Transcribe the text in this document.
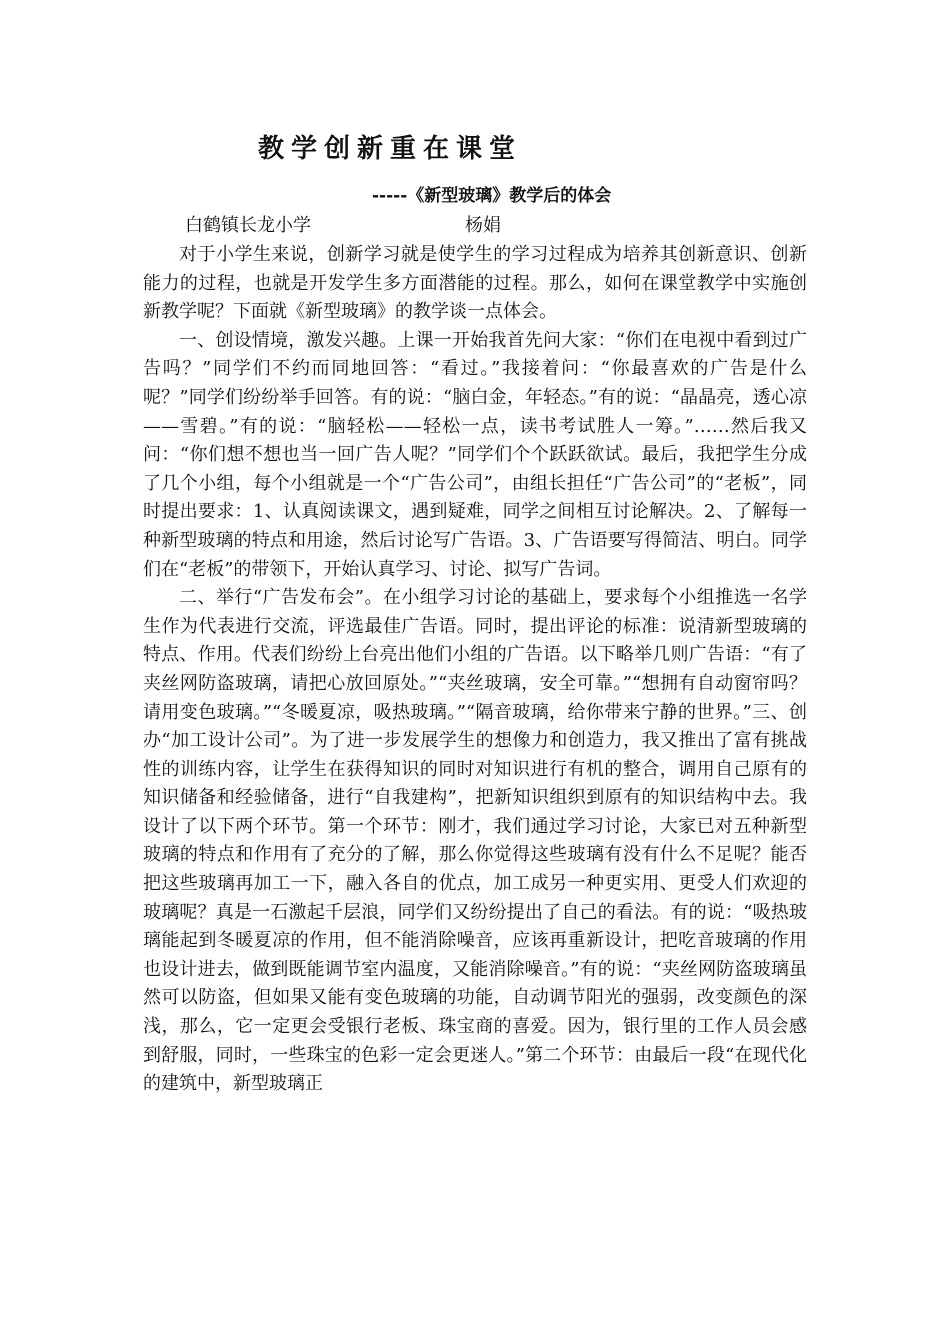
教学创新重在课堂
-----《新型玻璃》教学后的体会
白鹤镇长龙小学	杨娟

对于小学生来说，创新学习就是使学生的学习过程成为培养其创新意识、创新能力的过程，也就是开发学生多方面潜能的过程。那么，如何在课堂教学中实施创新教学呢？下面就《新型玻璃》的教学谈一点体会。

一、创设情境，激发兴趣。上课一开始我首先问大家：“你们在电视中看到过广告吗？”同学们不约而同地回答：“看过。”我接着问：“你最喜欢的广告是什么呢？”同学们纷纷举手回答。有的说：“脑白金，年轻态。”有的说：“晶晶亮，透心凉——雪碧。”有的说：“脑轻松——轻松一点，读书考试胜人一筹。”……然后我又问：“你们想不想也当一回广告人呢？”同学们个个跃跃欲试。最后，我把学生分成了几个小组，每个小组就是一个“广告公司”，由组长担任“广告公司”的“老板”，同时提出要求：1、认真阅读课文，遇到疑难，同学之间相互讨论解决。2、了解每一种新型玻璃的特点和用途，然后讨论写广告语。3、广告语要写得简洁、明白。同学们在“老板”的带领下，开始认真学习、讨论、拟写广告词。

二、举行“广告发布会”。在小组学习讨论的基础上，要求每个小组推选一名学生作为代表进行交流，评选最佳广告语。同时，提出评论的标准：说清新型玻璃的特点、作用。代表们纷纷上台亮出他们小组的广告语。以下略举几则广告语：“有了夹丝网防盗玻璃，请把心放回原处。”“夹丝玻璃，安全可靠。”“想拥有自动窗帘吗？请用变色玻璃。”“冬暖夏凉，吸热玻璃。”“隔音玻璃，给你带来宁静的世界。”三、创办“加工设计公司”。为了进一步发展学生的想像力和创造力，我又推出了富有挑战性的训练内容，让学生在获得知识的同时对知识进行有机的整合，调用自己原有的知识储备和经验储备，进行“自我建构”，把新知识组织到原有的知识结构中去。我设计了以下两个环节。第一个环节：刚才，我们通过学习讨论，大家已对五种新型玻璃的特点和作用有了充分的了解，那么你觉得这些玻璃有没有什么不足呢？能否把这些玻璃再加工一下，融入各自的优点，加工成另一种更实用、更受人们欢迎的玻璃呢？真是一石激起千层浪，同学们又纷纷提出了自己的看法。有的说：“吸热玻璃能起到冬暖夏凉的作用，但不能消除噪音，应该再重新设计，把吃音玻璃的作用也设计进去，做到既能调节室内温度，又能消除噪音。”有的说：“夹丝网防盗玻璃虽然可以防盗，但如果又能有变色玻璃的功能，自动调节阳光的强弱，改变颜色的深浅，那么，它一定更会受银行老板、珠宝商的喜爱。因为，银行里的工作人员会感到舒服，同时，一些珠宝的色彩一定会更迷人。”第二个环节：由最后一段“在现代化的建筑中，新型玻璃正
